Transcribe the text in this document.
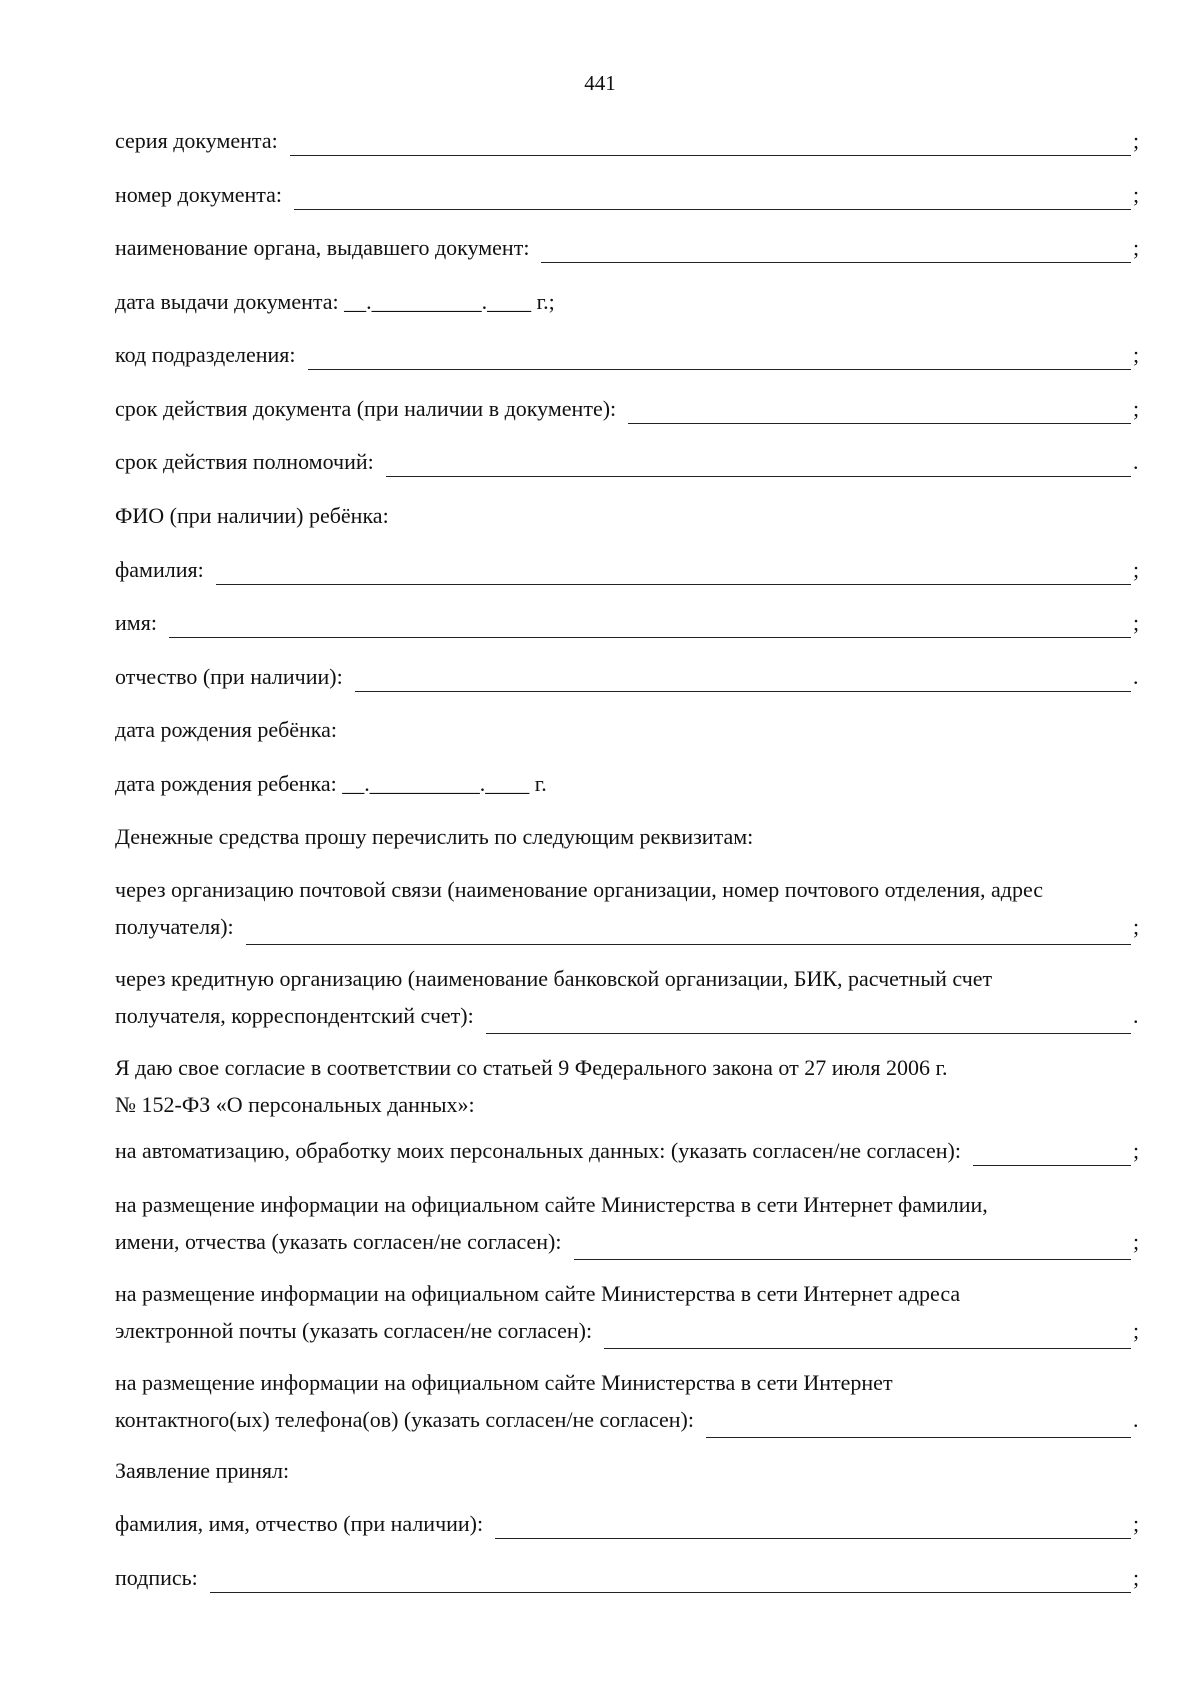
441
серия документа:	;
номер документа:	;
наименование органа, выдавшего документ:	;
дата выдачи документа: __.__________.____ г.;
код подразделения:	;
срок действия документа (при наличии в документе):	;
срок действия полномочий:	.
ФИО (при наличии) ребёнка:
фамилия:	;
имя:	;
отчество (при наличии):	.
дата рождения ребёнка:
дата рождения ребенка: __.__________.____ г.
Денежные средства прошу перечислить по следующим реквизитам:
через организацию почтовой связи (наименование организации, номер почтового отделения, адрес
получателя):	;
через кредитную организацию (наименование банковской организации, БИК, расчетный счет
получателя, корреспондентский счет):	.
Я даю свое согласие в соответствии со статьей 9 Федерального закона от 27 июля 2006 г.
№ 152-ФЗ «О персональных данных»:
на автоматизацию, обработку моих персональных данных: (указать согласен/не согласен):	;
на размещение информации на официальном сайте Министерства в сети Интернет фамилии,
имени, отчества (указать согласен/не согласен):	;
на размещение информации на официальном сайте Министерства в сети Интернет адреса
электронной почты (указать согласен/не согласен):	;
на размещение информации на официальном сайте Министерства в сети Интернет
контактного(ых) телефона(ов) (указать согласен/не согласен):	.
Заявление принял:
фамилия, имя, отчество (при наличии):	;
подпись:	;
